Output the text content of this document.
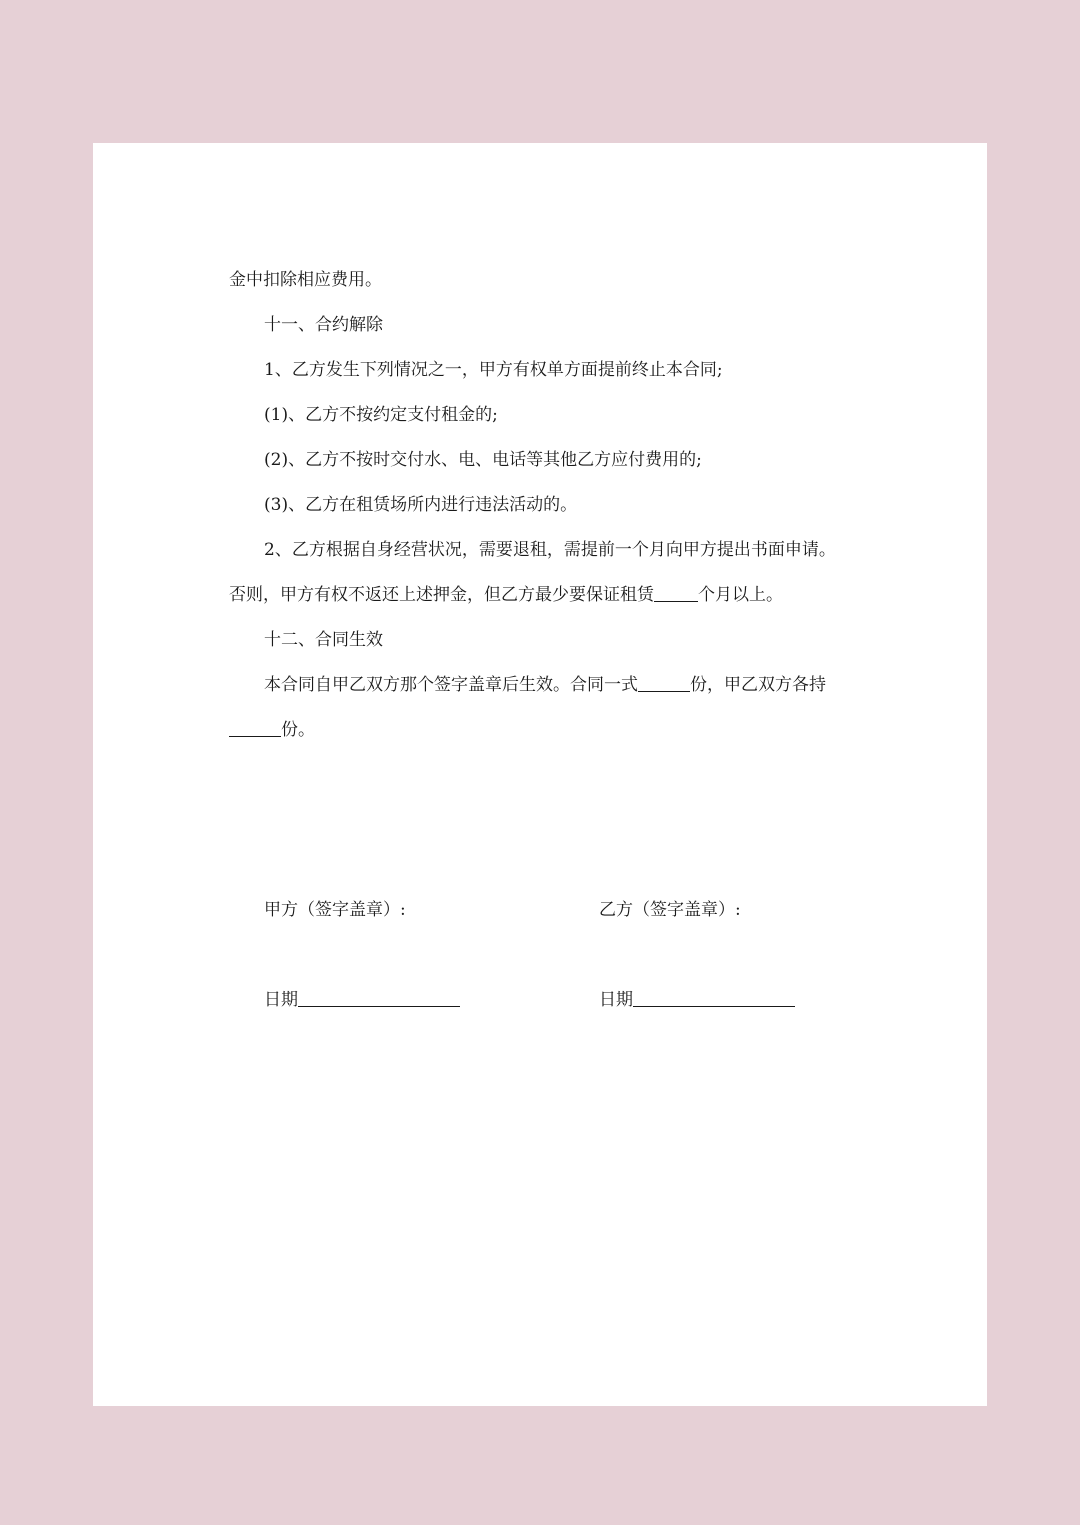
金中扣除相应费用。
十一、合约解除
1、乙方发生下列情况之一，甲方有权单方面提前终止本合同;
(1)、乙方不按约定支付租金的;
(2)、乙方不按时交付水、电、电话等其他乙方应付费用的;
(3)、乙方在租赁场所内进行违法活动的。
2、乙方根据自身经营状况，需要退租，需提前一个月向甲方提出书面申请。
否则，甲方有权不返还上述押金，但乙方最少要保证租赁	个月以上。
十二、合同生效
本合同自甲乙双方那个签字盖章后生效。合同一式	份，甲乙双方各持
份。
甲方（签字盖章）:	乙方（签字盖章）:
日期	日期
